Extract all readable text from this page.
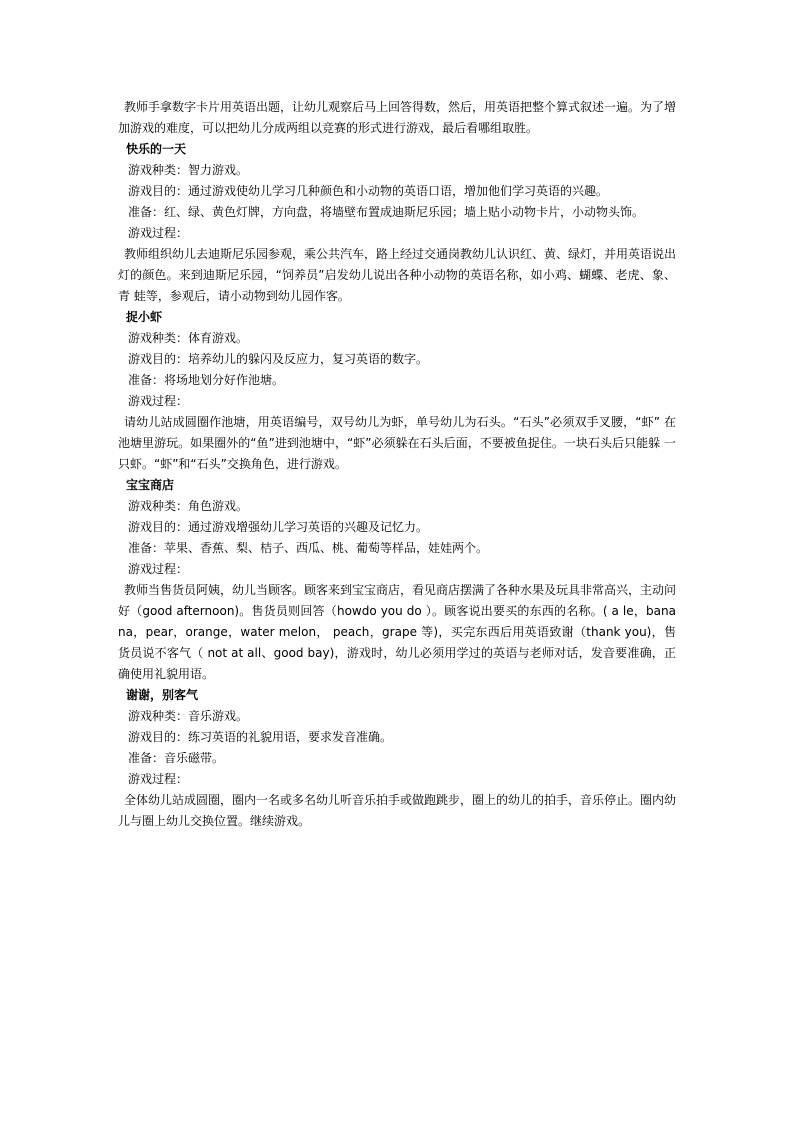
教师手拿数字卡片用英语出题，让幼儿观察后马上回答得数，然后，用英语把整个算式叙述一遍。为了增 加游戏的难度，可以把幼儿分成两组以竞赛的形式进行游戏，最后看哪组取胜。

快乐的一天

游戏种类：智力游戏。

游戏目的：通过游戏使幼儿学习几种颜色和小动物的英语口语，增加他们学习英语的兴趣。

准备：红、绿、黄色灯牌，方向盘，将墙壁布置成迪斯尼乐园；墙上贴小动物卡片，小动物头饰。

游戏过程：

教师组织幼儿去迪斯尼乐园参观，乘公共汽车，路上经过交通岗教幼儿认识红、黄、绿灯，并用英语说出 灯的颜色。来到迪斯尼乐园，“饲养员”启发幼儿说出各种小动物的英语名称，如小鸡、蝴蝶、老虎、象、青 蛙等，参观后，请小动物到幼儿园作客。

捉小虾

游戏种类：体育游戏。

游戏目的：培养幼儿的躲闪及反应力，复习英语的数字。

准备：将场地划分好作池塘。

游戏过程：

请幼儿站成圆圈作池塘，用英语编号，双号幼儿为虾，单号幼儿为石头。“石头”必须双手叉腰，“虾” 在池塘里游玩。如果圈外的“鱼”进到池塘中，“虾”必须躲在石头后面，不要被鱼捉住。一块石头后只能躲 一只虾。“虾”和“石头”交换角色，进行游戏。

宝宝商店

游戏种类：角色游戏。

游戏目的：通过游戏增强幼儿学习英语的兴趣及记忆力。

准备：苹果、香蕉、梨、桔子、西瓜、桃、葡萄等样品，娃娃两个。

游戏过程：

教师当售货员阿姨，幼儿当顾客。顾客来到宝宝商店，看见商店摆满了各种水果及玩具非常高兴，主动问 好（good afternoon)。售货员则回答（howdo you do ）。顾客说出要买的东西的名称。( a le，banana，pear，orange，water melon， peach，grape 等)，买完东西后用英语致谢（thank you)，售货员说不客气（ not at all、good bay)，游戏时，幼儿必须用学过的英语与老师对话，发音要准确，正确使用礼貌用语。

谢谢，别客气

游戏种类：音乐游戏。

游戏目的：练习英语的礼貌用语，要求发音准确。

准备：音乐磁带。

游戏过程：

全体幼儿站成圆圈，圈内一名或多名幼儿听音乐拍手或做跑跳步，圈上的幼儿的拍手，音乐停止。圈内幼 儿与圈上幼儿交换位置。继续游戏。
